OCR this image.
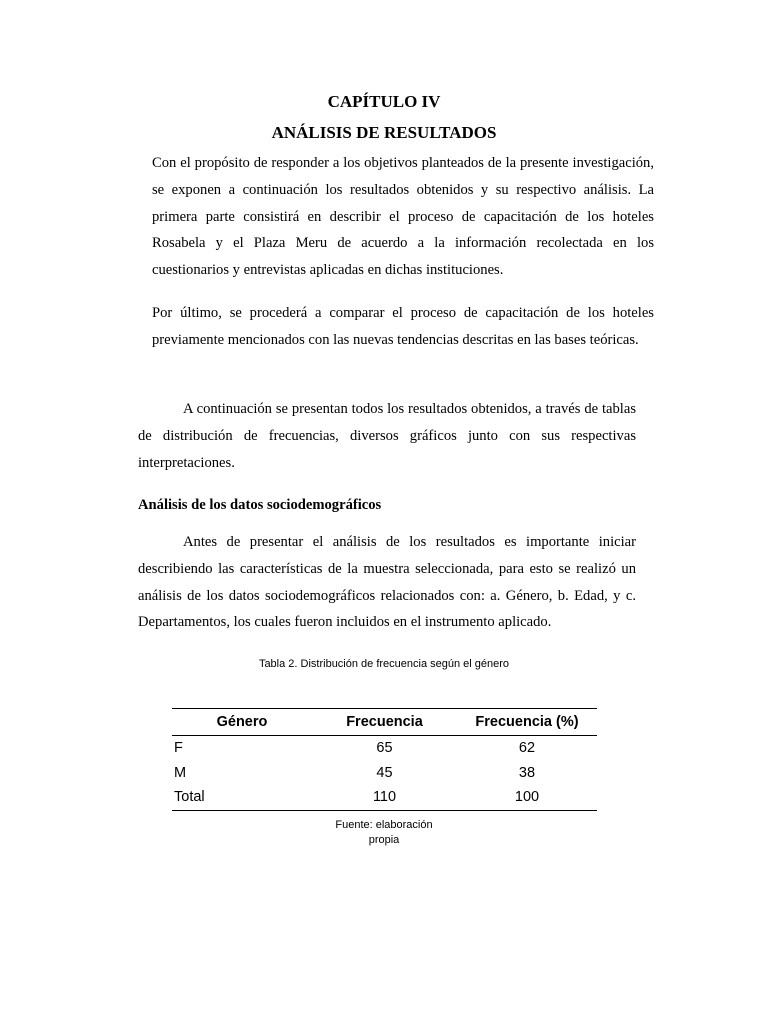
CAPÍTULO IV
ANÁLISIS DE RESULTADOS

Con el propósito de responder a los objetivos planteados de la presente investigación, se exponen a continuación los resultados obtenidos y su respectivo análisis. La primera parte consistirá en describir el proceso de capacitación de los hoteles Rosabela y el Plaza Meru de acuerdo a la información recolectada en los cuestionarios y entrevistas aplicadas en dichas instituciones.

Por último, se procederá a comparar el proceso de capacitación de los hoteles previamente mencionados con las nuevas tendencias descritas en las bases teóricas.

A continuación se presentan todos los resultados obtenidos, a través de tablas de distribución de frecuencias, diversos gráficos junto con sus respectivas interpretaciones.

Análisis de los datos sociodemográficos

Antes de presentar el análisis de los resultados es importante iniciar describiendo las características de la muestra seleccionada, para esto se realizó un análisis de los datos sociodemográficos relacionados con: a. Género, b. Edad, y c. Departamentos, los cuales fueron incluidos en el instrumento aplicado.

Tabla 2. Distribución de frecuencia según el género
Género	Frecuencia	Frecuencia (%)
F	65	62
M	45	38
Total	110	100
Fuente: elaboración
propia
